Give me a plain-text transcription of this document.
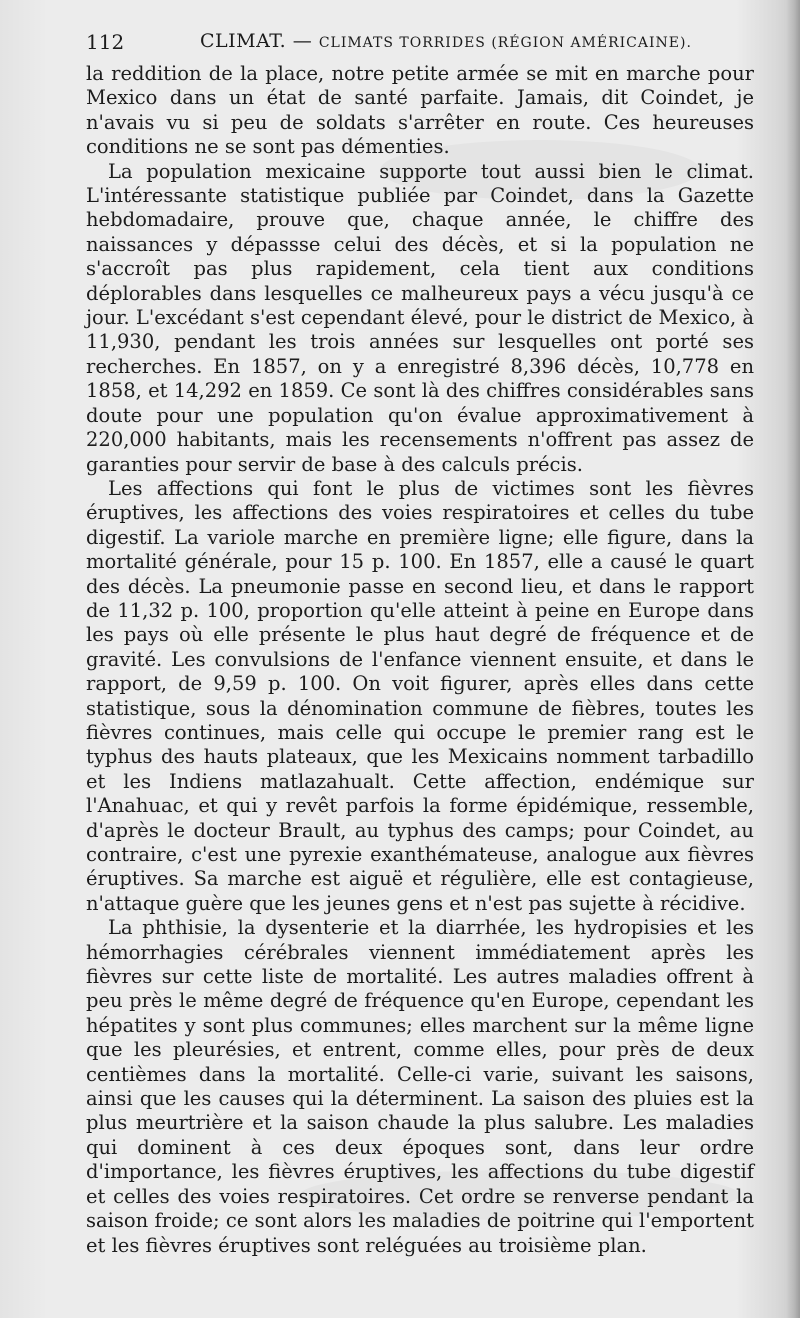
112	CLIMAT. — CLIMATS TORRIDES (RÉGION AMÉRICAINE).

la reddition de la place, notre petite armée se mit en marche pour Mexico dans un état de santé parfaite. Jamais, dit Coindet, je n'avais vu si peu de soldats s'arrêter en route. Ces heureuses conditions ne se sont pas démenties.

La population mexicaine supporte tout aussi bien le climat. L'intéressante statistique publiée par Coindet, dans la Gazette hebdomadaire, prouve que, chaque année, le chiffre des naissances y dépassse celui des décès, et si la population ne s'accroît pas plus rapidement, cela tient aux conditions déplorables dans lesquelles ce malheureux pays a vécu jusqu'à ce jour. L'excédant s'est cependant élevé, pour le district de Mexico, à 11,930, pendant les trois années sur lesquelles ont porté ses recherches. En 1857, on y a enregistré 8,396 décès, 10,778 en 1858, et 14,292 en 1859. Ce sont là des chiffres considérables sans doute pour une population qu'on évalue approximativement à 220,000 habitants, mais les recensements n'offrent pas assez de garanties pour servir de base à des calculs précis.

Les affections qui font le plus de victimes sont les fièvres éruptives, les affections des voies respiratoires et celles du tube digestif. La variole marche en première ligne; elle figure, dans la mortalité générale, pour 15 p. 100. En 1857, elle a causé le quart des décès. La pneumonie passe en second lieu, et dans le rapport de 11,32 p. 100, proportion qu'elle atteint à peine en Europe dans les pays où elle présente le plus haut degré de fréquence et de gravité. Les convulsions de l'enfance viennent ensuite, et dans le rapport, de 9,59 p. 100. On voit figurer, après elles dans cette statistique, sous la dénomination commune de fièbres, toutes les fièvres continues, mais celle qui occupe le premier rang est le typhus des hauts plateaux, que les Mexicains nomment tarbadillo et les Indiens matlazahualt. Cette affection, endémique sur l'Anahuac, et qui y revêt parfois la forme épidémique, ressemble, d'après le docteur Brault, au typhus des camps; pour Coindet, au contraire, c'est une pyrexie exanthémateuse, analogue aux fièvres éruptives. Sa marche est aiguë et régulière, elle est contagieuse, n'attaque guère que les jeunes gens et n'est pas sujette à récidive.

La phthisie, la dysenterie et la diarrhée, les hydropisies et les hémorrhagies cérébrales viennent immédiatement après les fièvres sur cette liste de mortalité. Les autres maladies offrent à peu près le même degré de fréquence qu'en Europe, cependant les hépatites y sont plus communes; elles marchent sur la même ligne que les pleurésies, et entrent, comme elles, pour près de deux centièmes dans la mortalité. Celle-ci varie, suivant les saisons, ainsi que les causes qui la déterminent. La saison des pluies est la plus meurtrière et la saison chaude la plus salubre. Les maladies qui dominent à ces deux époques sont, dans leur ordre d'importance, les fièvres éruptives, les affections du tube digestif et celles des voies respiratoires. Cet ordre se renverse pendant la saison froide; ce sont alors les maladies de poitrine qui l'emportent et les fièvres éruptives sont reléguées au troisième plan.
